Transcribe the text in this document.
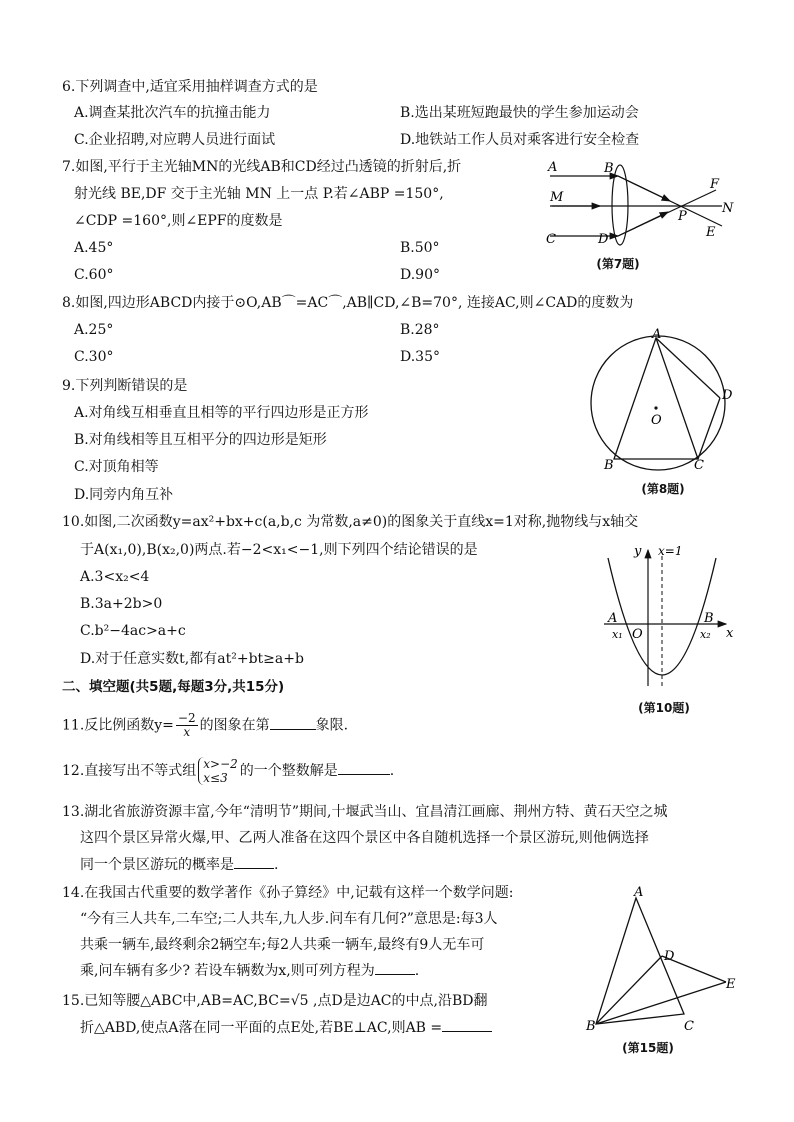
6.下列调查中,适宜采用抽样调查方式的是
A.调查某批次汽车的抗撞击能力	B.选出某班短跑最快的学生参加运动会
C.企业招聘,对应聘人员进行面试	D.地铁站工作人员对乘客进行安全检查
7.如图,平行于主光轴MN的光线AB和CD经过凸透镜的折射后,折
射光线 BE,DF 交于主光轴 MN 上一点 P.若∠ABP =150°,
∠CDP =160°,则∠EPF的度数是
A.45°	B.50°
C.60°	D.90°
A	B
M
C	D
P
F
N
E
(第7题)
8.如图,四边形ABCD内接于⊙O,AB⌒=AC⌒,AB∥CD,∠B=70°, 连接AC,则∠CAD的度数为
A.25°	B.28°
C.30°	D.35°
A
B	C
D
O
(第8题)
9.下列判断错误的是
A.对角线互相垂直且相等的平行四边形是正方形
B.对角线相等且互相平分的四边形是矩形
C.对顶角相等
D.同旁内角互补
10.如图,二次函数y=ax²+bx+c(a,b,c 为常数,a≠0)的图象关于直线x=1对称,抛物线与x轴交
于A(x₁,0),B(x₂,0)两点.若−2<x₁<−1,则下列四个结论错误的是
A.3<x₂<4
B.3a+2b>0
C.b²−4ac>a+c
D.对于任意实数t,都有at²+bt≥a+b
y x=1
A	B
O	x
x₁	x₂
(第10题)
二、填空题(共5题,每题3分,共15分)
11.反比例函数$y= \frac{-2}{x}$ 的图象在第	象限.
12.直接写出不等式组 x>−2
x≤3 的一个整数解是	.
13.湖北省旅游资源丰富,今年“清明节”期间,十堰武当山、宜昌清江画廊、荆州方特、黄石天空之城
这四个景区异常火爆,甲、乙两人准备在这四个景区中各自随机选择一个景区游玩,则他俩选择
同一个景区游玩的概率是	.
14.在我国古代重要的数学著作《孙子算经》中,记载有这样一个数学问题:
“今有三人共车,二车空;二人共车,九人步.问车有几何?”意思是:每3人
共乘一辆车,最终剩余2辆空车;每2人共乘一辆车,最终有9人无车可
乘,问车辆有多少? 若设车辆数为x,则可列方程为	.
15.已知等腰△ABC中,AB=AC,BC=√5 ,点D是边AC的中点,沿BD翻
折△ABD,使点A落在同一平面的点E处,若BE⊥AC,则AB =
A
B	C
D
E
(第15题)
